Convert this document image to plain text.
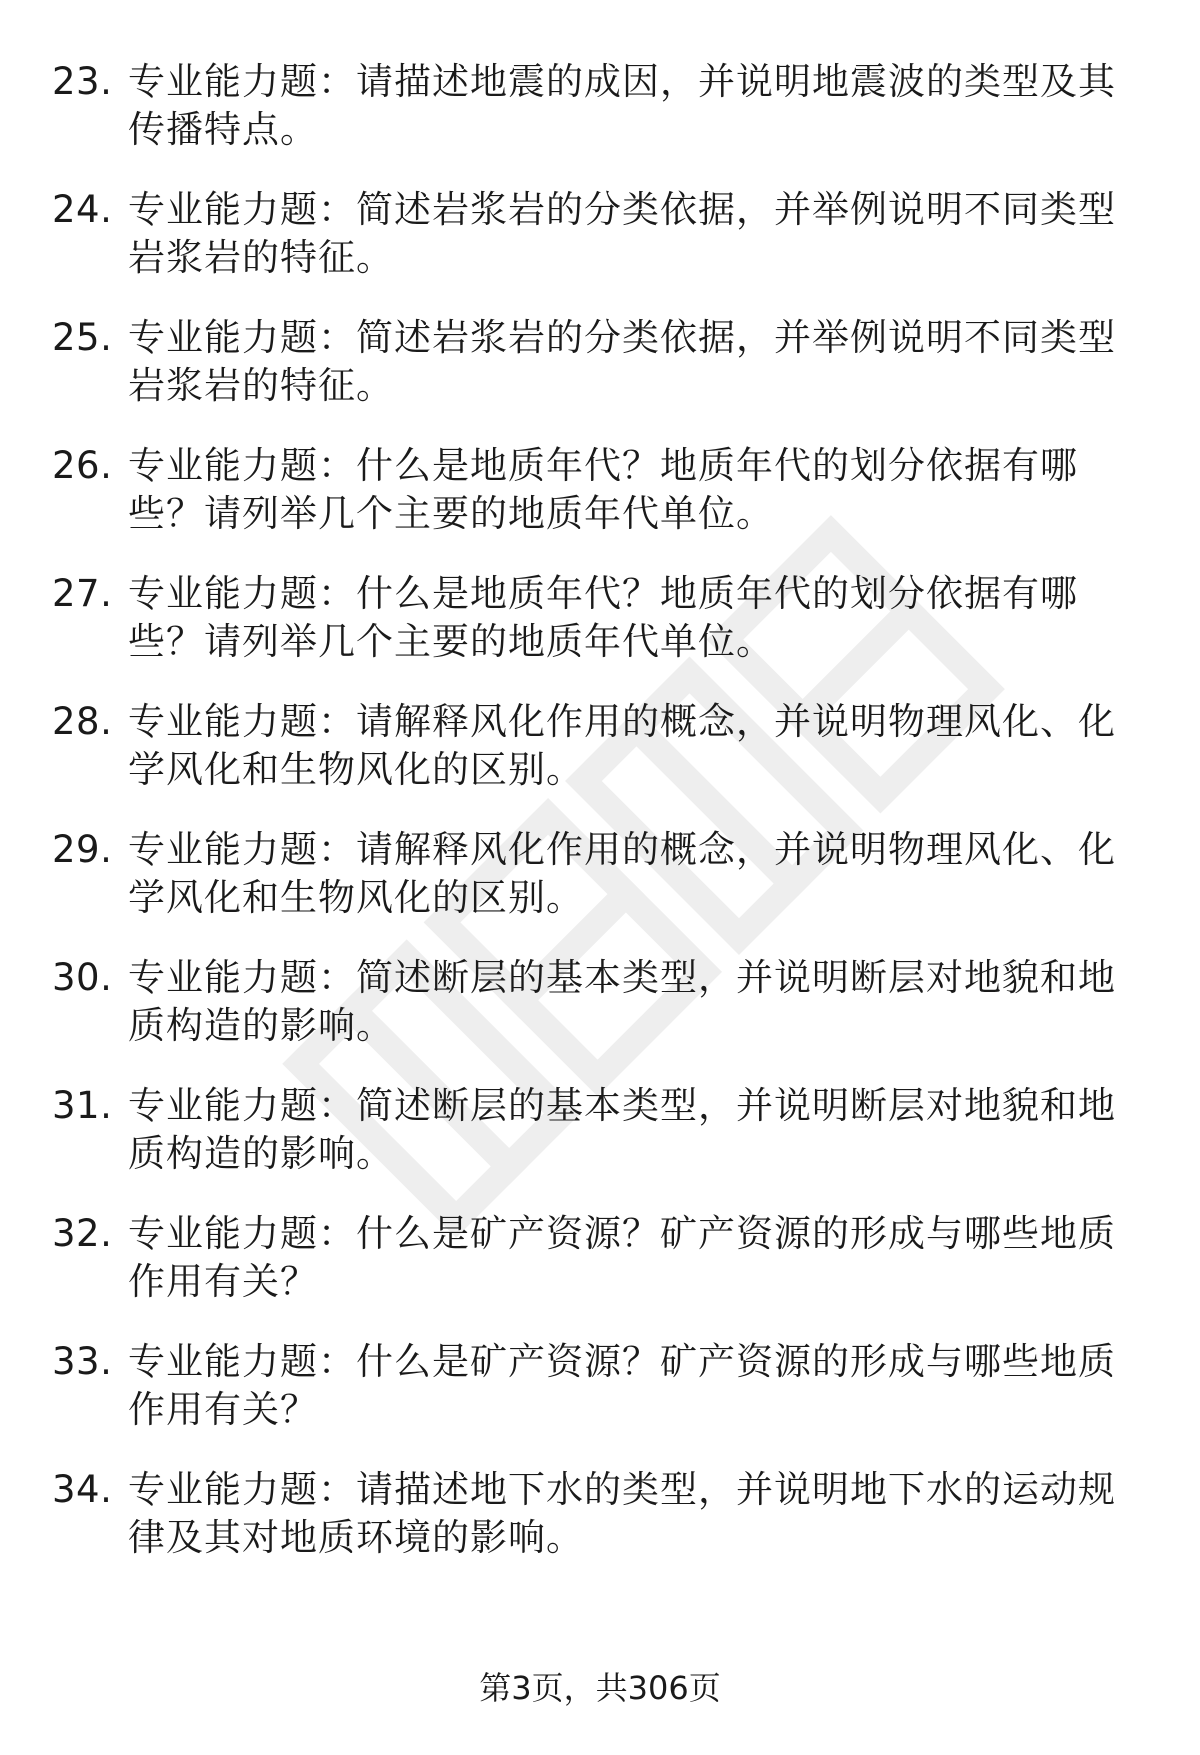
23. 专业能力题：请描述地震的成因，并说明地震波的类型及其传播特点。
24. 专业能力题：简述岩浆岩的分类依据，并举例说明不同类型岩浆岩的特征。
25. 专业能力题：简述岩浆岩的分类依据，并举例说明不同类型岩浆岩的特征。
26. 专业能力题：什么是地质年代？地质年代的划分依据有哪些？请列举几个主要的地质年代单位。
27. 专业能力题：什么是地质年代？地质年代的划分依据有哪些？请列举几个主要的地质年代单位。
28. 专业能力题：请解释风化作用的概念，并说明物理风化、化学风化和生物风化的区别。
29. 专业能力题：请解释风化作用的概念，并说明物理风化、化学风化和生物风化的区别。
30. 专业能力题：简述断层的基本类型，并说明断层对地貌和地质构造的影响。
31. 专业能力题：简述断层的基本类型，并说明断层对地貌和地质构造的影响。
32. 专业能力题：什么是矿产资源？矿产资源的形成与哪些地质作用有关？
33. 专业能力题：什么是矿产资源？矿产资源的形成与哪些地质作用有关？
34. 专业能力题：请描述地下水的类型，并说明地下水的运动规律及其对地质环境的影响。
第3页，共306页
